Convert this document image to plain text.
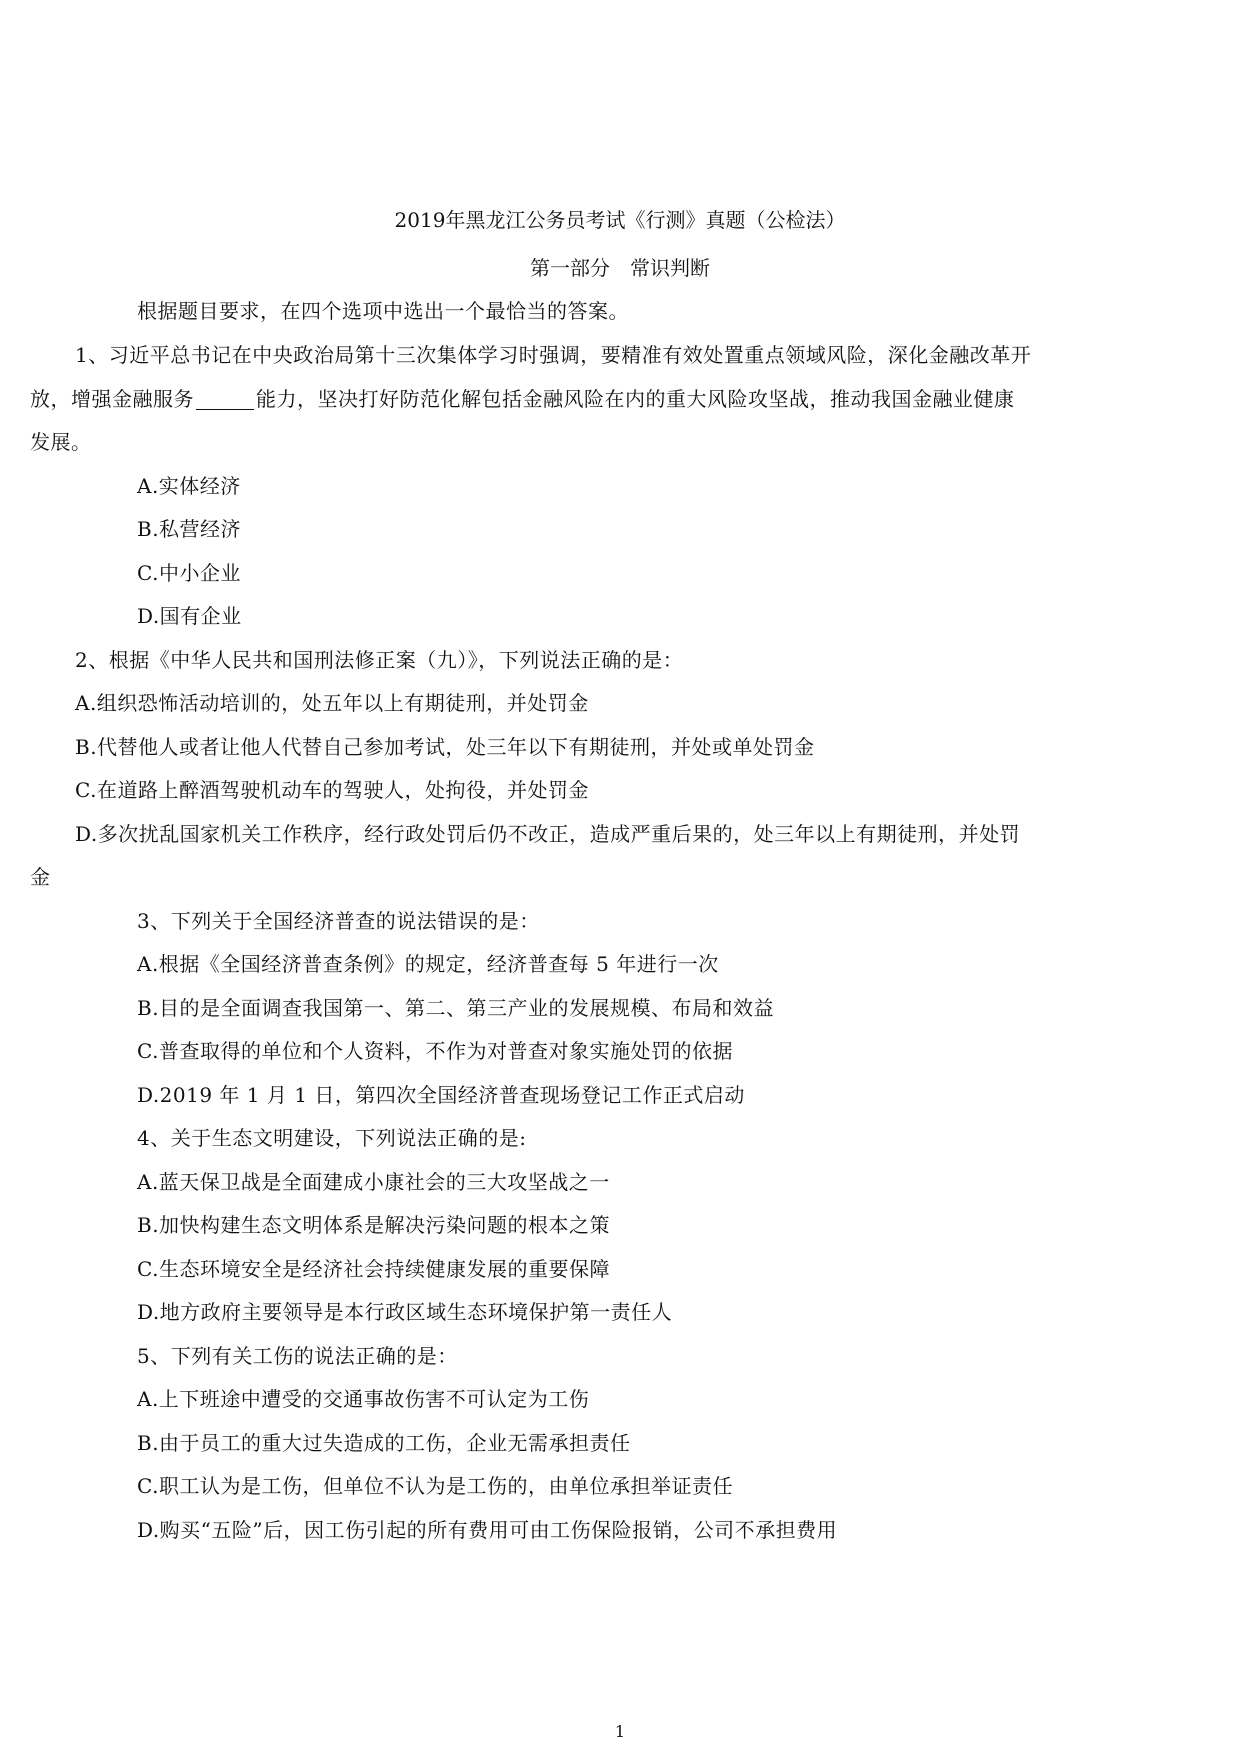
2019年黑龙江公务员考试《行测》真题（公检法）
第一部分　常识判断
根据题目要求，在四个选项中选出一个最恰当的答案。
1、习近平总书记在中央政治局第十三次集体学习时强调，要精准有效处置重点领域风险，深化金融改革开
放，增强金融服务	能力，坚决打好防范化解包括金融风险在内的重大风险攻坚战，推动我国金融业健康
发展。
A.实体经济
B.私营经济
C.中小企业
D.国有企业
2、根据《中华人民共和国刑法修正案（九）》，下列说法正确的是：
A.组织恐怖活动培训的，处五年以上有期徒刑，并处罚金
B.代替他人或者让他人代替自己参加考试，处三年以下有期徒刑，并处或单处罚金
C.在道路上醉酒驾驶机动车的驾驶人，处拘役，并处罚金
D.多次扰乱国家机关工作秩序，经行政处罚后仍不改正，造成严重后果的，处三年以上有期徒刑，并处罚
金
3、下列关于全国经济普查的说法错误的是：
A.根据《全国经济普查条例》的规定，经济普查每 5 年进行一次
B.目的是全面调查我国第一、第二、第三产业的发展规模、布局和效益
C.普查取得的单位和个人资料，不作为对普查对象实施处罚的依据
D.2019 年 1 月 1 日，第四次全国经济普查现场登记工作正式启动
4、关于生态文明建设，下列说法正确的是:
A.蓝天保卫战是全面建成小康社会的三大攻坚战之一
B.加快构建生态文明体系是解决污染问题的根本之策
C.生态环境安全是经济社会持续健康发展的重要保障
D.地方政府主要领导是本行政区域生态环境保护第一责任人
5、下列有关工伤的说法正确的是：
A.上下班途中遭受的交通事故伤害不可认定为工伤
B.由于员工的重大过失造成的工伤，企业无需承担责任
C.职工认为是工伤，但单位不认为是工伤的，由单位承担举证责任
D.购买“五险”后，因工伤引起的所有费用可由工伤保险报销，公司不承担费用
1
